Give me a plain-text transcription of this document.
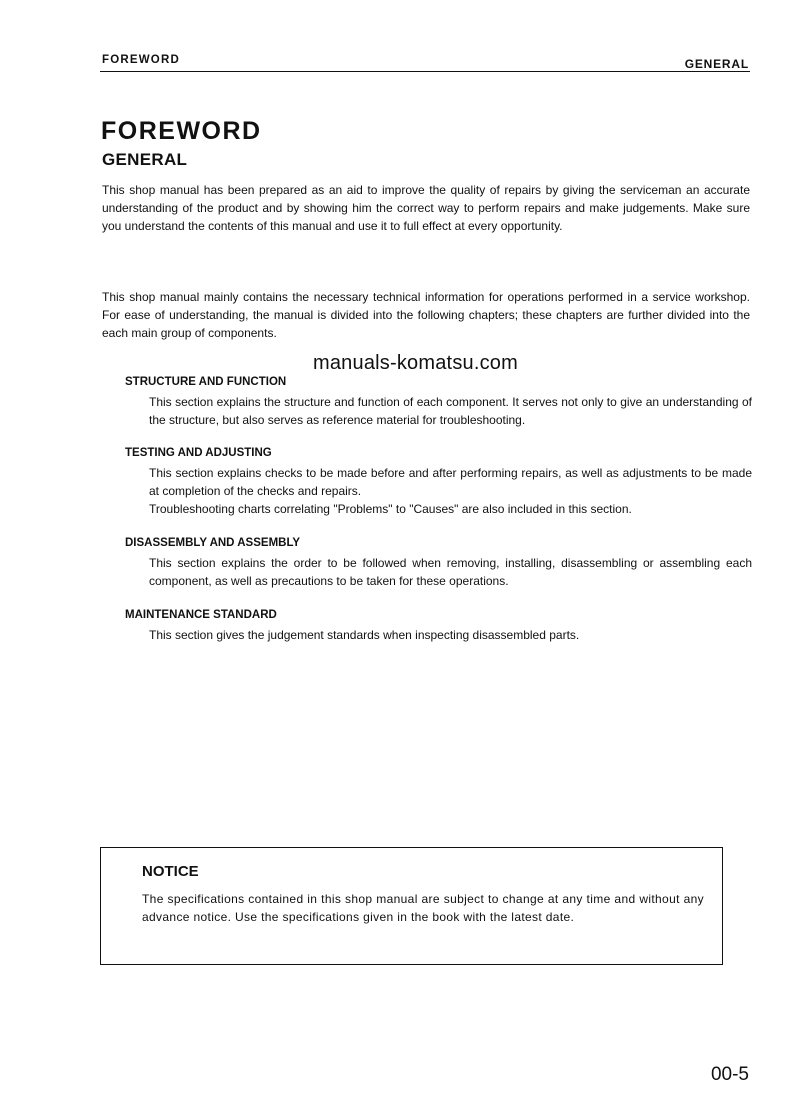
FOREWORD	GENERAL
FOREWORD
GENERAL
This shop manual has been prepared as an aid to improve the quality of repairs by giving the serviceman an accurate understanding of the product and by showing him the correct way to perform repairs and make judgements. Make sure you understand the contents of this manual and use it to full effect at every opportunity.
This shop manual mainly contains the necessary technical information for operations performed in a service workshop. For ease of understanding, the manual is divided into the following chapters; these chapters are further divided into the each main group of components.
manuals-komatsu.com
STRUCTURE AND FUNCTION
This section explains the structure and function of each component. It serves not only to give an understanding of the structure, but also serves as reference material for troubleshooting.
TESTING AND ADJUSTING
This section explains checks to be made before and after performing repairs, as well as adjustments to be made at completion of the checks and repairs.
Troubleshooting charts correlating "Problems" to "Causes" are also included in this section.
DISASSEMBLY AND ASSEMBLY
This section explains the order to be followed when removing, installing, disassembling or assembling each component, as well as precautions to be taken for these operations.
MAINTENANCE STANDARD
This section gives the judgement standards when inspecting disassembled parts.
NOTICE
The specifications contained in this shop manual are subject to change at any time and without any advance notice. Use the specifications given in the book with the latest date.
00-5
